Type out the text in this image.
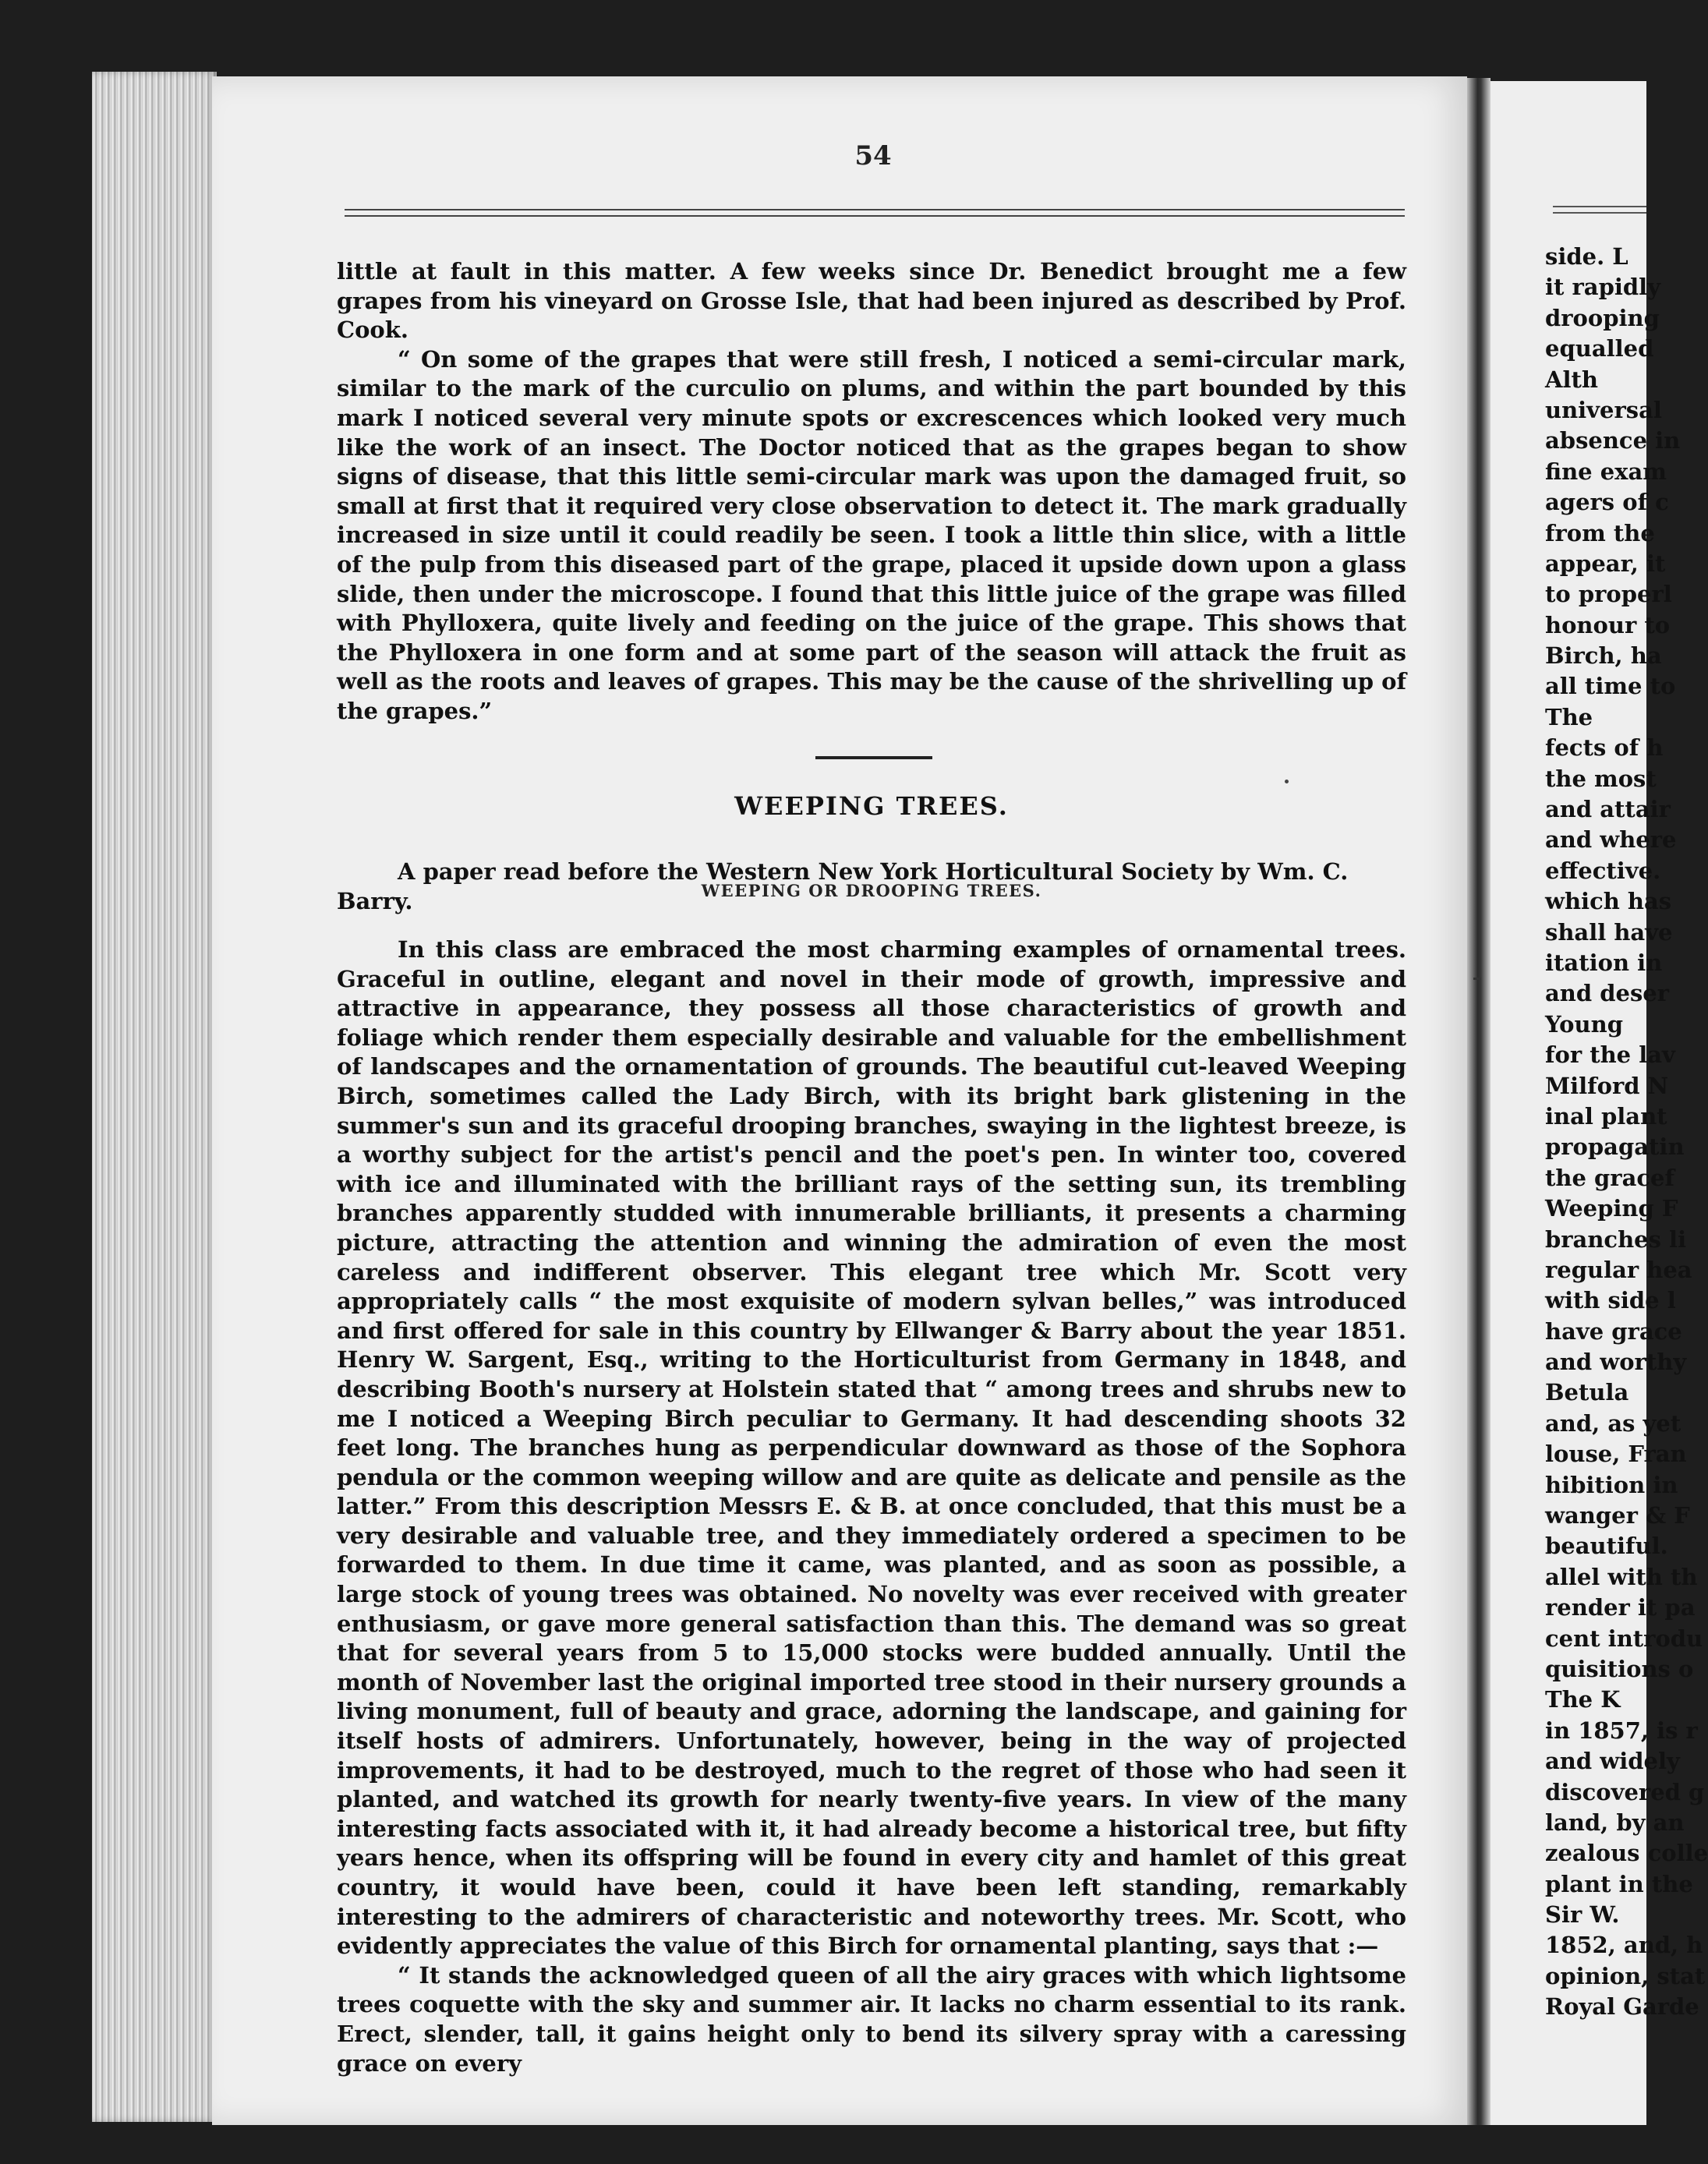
54

little at fault in this matter. A few weeks since Dr. Benedict brought me a few grapes from his vineyard on Grosse Isle, that had been injured as described by Prof. Cook.

“ On some of the grapes that were still fresh, I noticed a semi-circular mark, similar to the mark of the curculio on plums, and within the part bounded by this mark I noticed several very minute spots or excrescences which looked very much like the work of an insect. The Doctor noticed that as the grapes began to show signs of disease, that this little semi-circular mark was upon the damaged fruit, so small at first that it required very close observation to detect it. The mark gradually increased in size until it could readily be seen. I took a little thin slice, with a little of the pulp from this diseased part of the grape, placed it upside down upon a glass slide, then under the microscope. I found that this little juice of the grape was filled with Phylloxera, quite lively and feeding on the juice of the grape. This shows that the Phylloxera in one form and at some part of the season will attack the fruit as well as the roots and leaves of grapes. This may be the cause of the shrivelling up of the grapes.”

WEEPING TREES.

A paper read before the Western New York Horticultural Society by Wm. C. Barry.	WEEPING OR DROOPING TREES.

In this class are embraced the most charming examples of ornamental trees. Graceful in outline, elegant and novel in their mode of growth, impressive and attractive in appearance, they possess all those characteristics of growth and foliage which render them especially desirable and valuable for the embellishment of landscapes and the ornamentation of grounds. The beautiful cut-leaved Weeping Birch, sometimes called the Lady Birch, with its bright bark glistening in the summer's sun and its graceful drooping branches, swaying in the lightest breeze, is a worthy subject for the artist's pencil and the poet's pen. In winter too, covered with ice and illuminated with the brilliant rays of the setting sun, its trembling branches apparently studded with innumerable brilliants, it presents a charming picture, attracting the attention and winning the admiration of even the most careless and indifferent observer. This elegant tree which Mr. Scott very appropriately calls “ the most exquisite of modern sylvan belles,” was introduced and first offered for sale in this country by Ellwanger & Barry about the year 1851. Henry W. Sargent, Esq., writing to the Horticulturist from Germany in 1848, and describing Booth's nursery at Holstein stated that “ among trees and shrubs new to me I noticed a Weeping Birch peculiar to Germany. It had descending shoots 32 feet long. The branches hung as perpendicular downward as those of the Sophora pendula or the common weeping willow and are quite as delicate and pensile as the latter.” From this description Messrs E. & B. at once concluded, that this must be a very desirable and valuable tree, and they immediately ordered a specimen to be forwarded to them. In due time it came, was planted, and as soon as possible, a large stock of young trees was obtained. No novelty was ever received with greater enthusiasm, or gave more general satisfaction than this. The demand was so great that for several years from 5 to 15,000 stocks were budded annually. Until the month of November last the original imported tree stood in their nursery grounds a living monument, full of beauty and grace, adorning the landscape, and gaining for itself hosts of admirers. Unfortunately, however, being in the way of projected improvements, it had to be destroyed, much to the regret of those who had seen it planted, and watched its growth for nearly twenty-five years. In view of the many interesting facts associated with it, it had already become a historical tree, but fifty years hence, when its offspring will be found in every city and hamlet of this great country, it would have been, could it have been left standing, remarkably interesting to the admirers of characteristic and noteworthy trees. Mr. Scott, who evidently appreciates the value of this Birch for ornamental planting, says that :—

“ It stands the acknowledged queen of all the airy graces with which lightsome trees coquette with the sky and summer air. It lacks no charm essential to its rank. Erect, slender, tall, it gains height only to bend its silvery spray with a caressing grace on every

side. L
it rapidly
drooping
equalled
Alth
universal
absence in
fine exam
agers of c
from the
appear, it
to properl
honour to
Birch, ha
all time to
The
fects of h
the most
and attair
and where
effective.
which has
shall have
itation in
and deser
Young
for the lav
Milford N
inal plant
propagatin
the gracef
Weeping F
branches li
regular hea
with side l
have grace
and worthy
Betula
and, as yet
louse, Fran
hibition in
wanger & F
beautiful.
allel with th
render it pa
cent introdu
quisitions o
The K
in 1857, is r
and widely
discovered g
land, by an
zealous colle
plant in the
Sir W.
1852, and, h
opinion, stat
Royal Garde
